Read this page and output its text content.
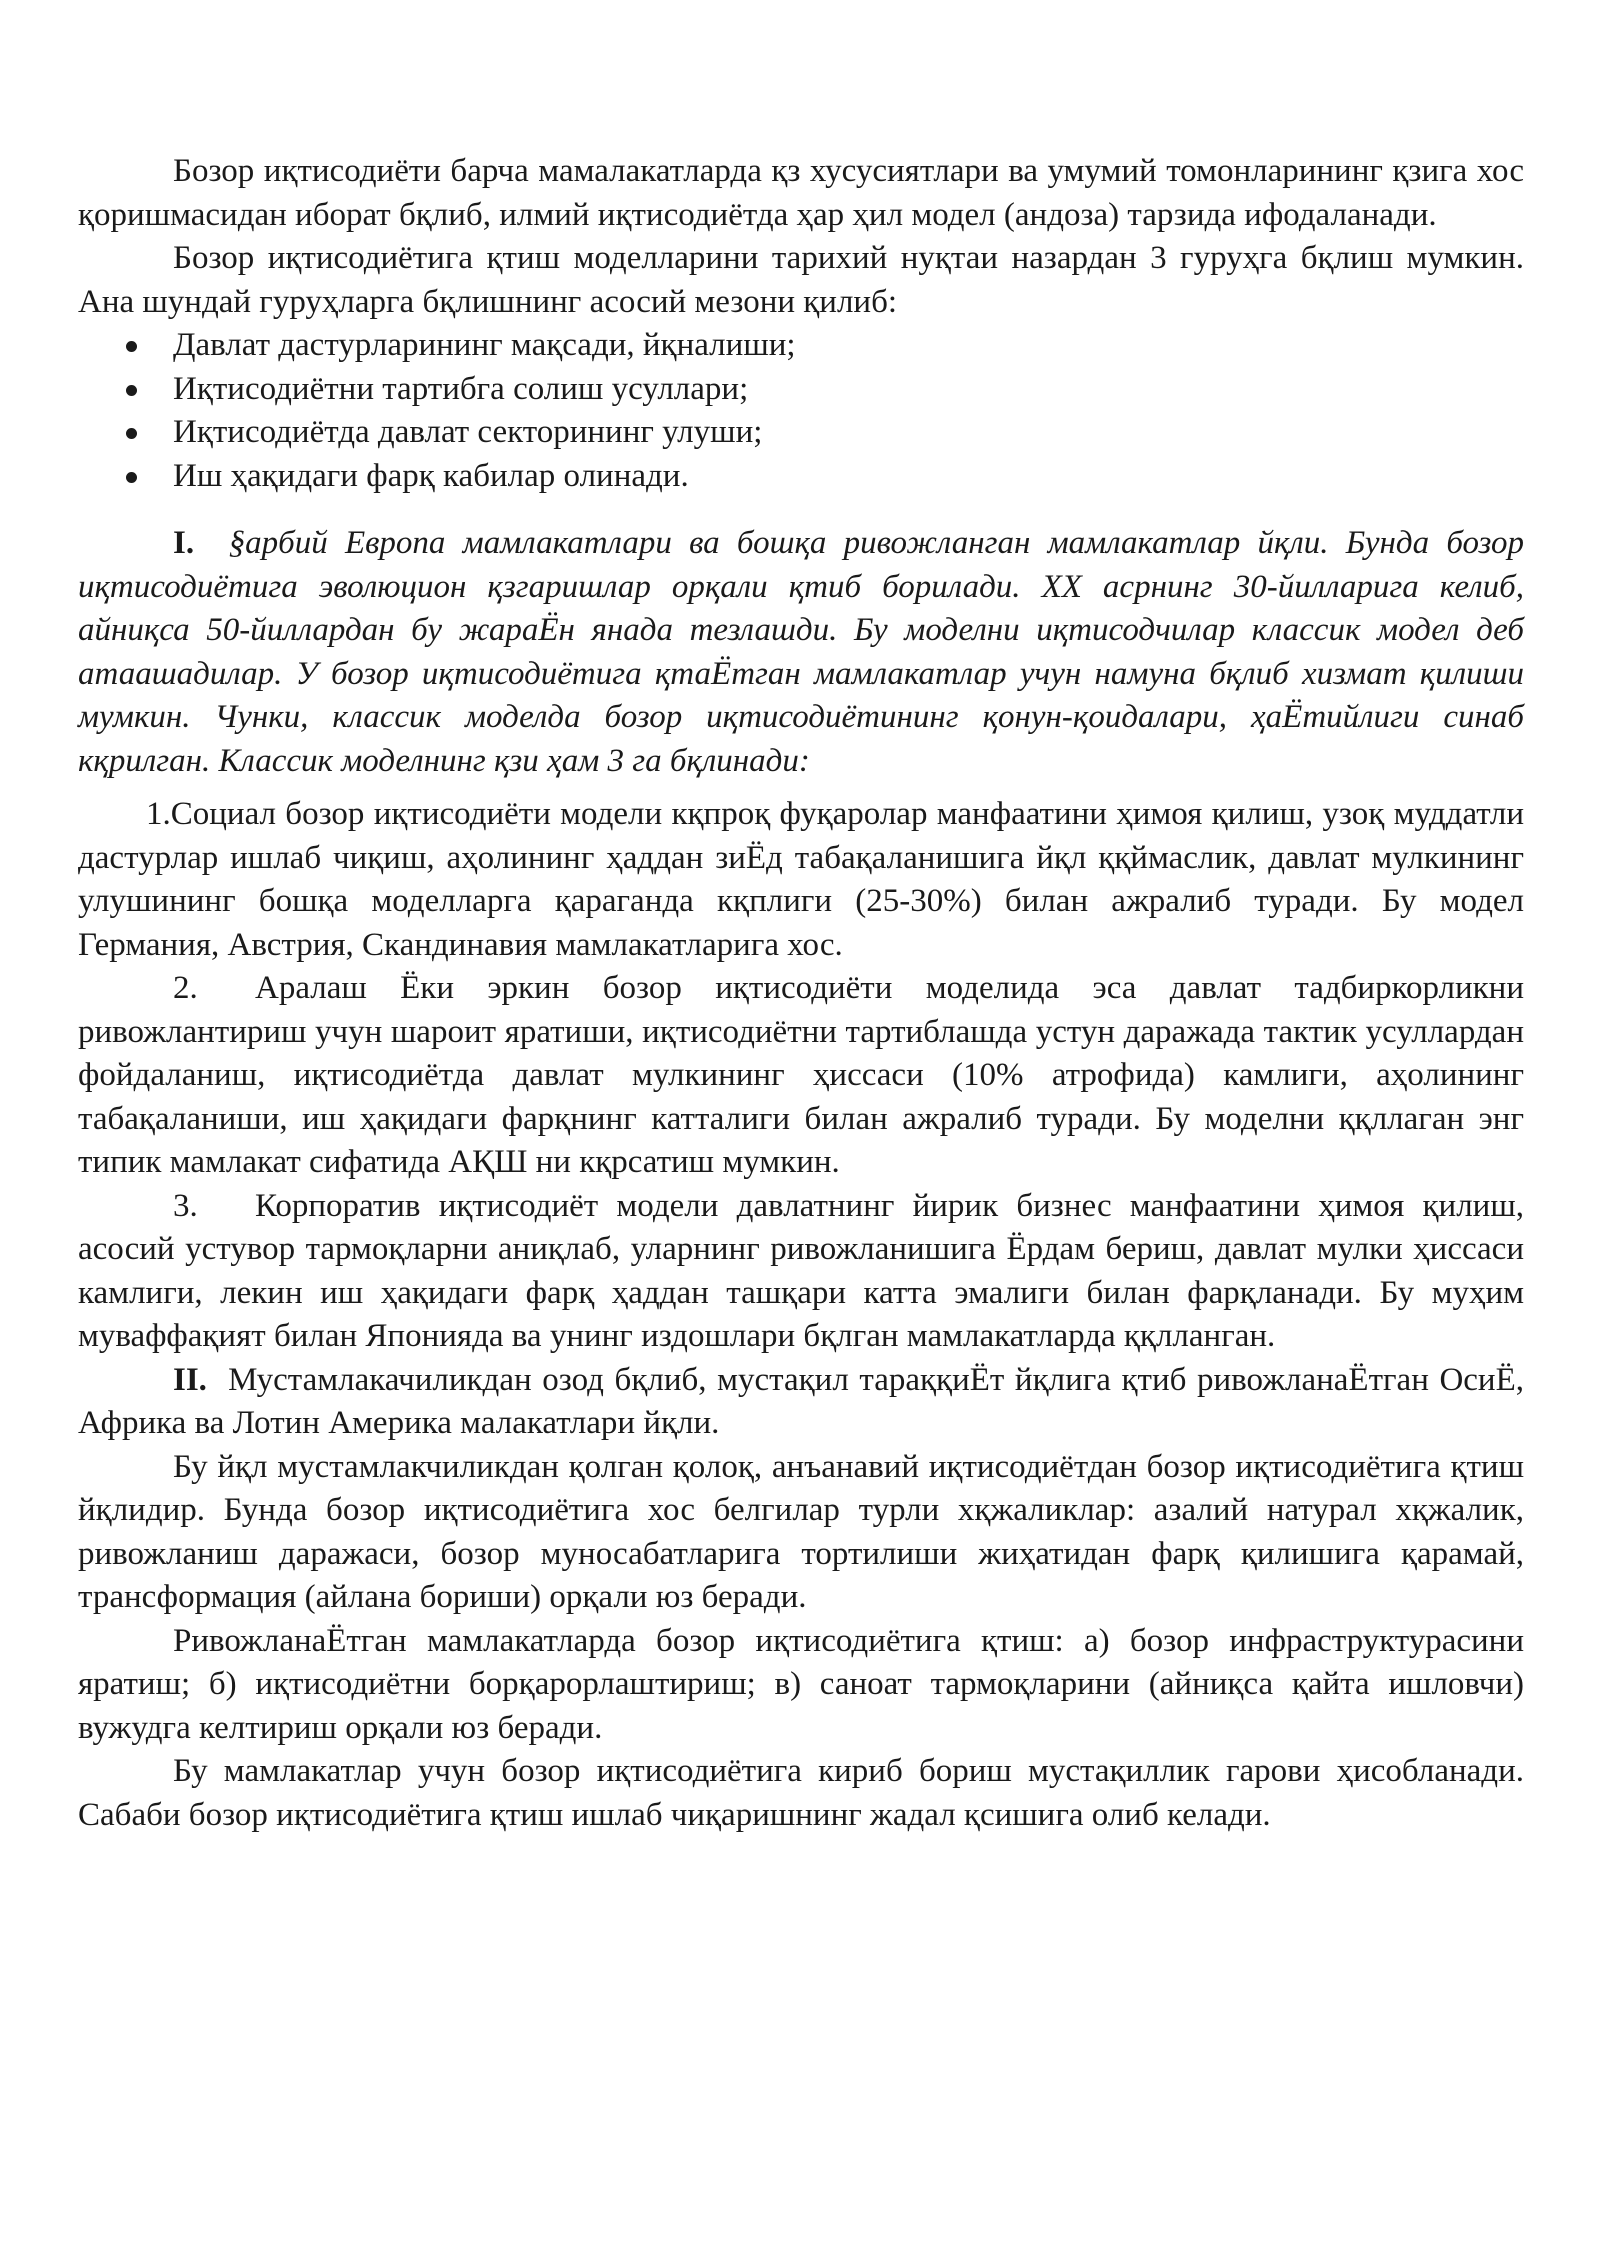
Бозор иқтисодиёти барча мамалакатларда қз хусусиятлари ва умумий томонларининг қзига хос қоришмасидан иборат бқлиб, илмий иқтисодиётда ҳар ҳил модел (андоза) тарзида ифодаланади.

Бозор иқтисодиётига қтиш моделларини тарихий нуқтаи назардан 3 гуруҳга бқлиш мумкин. Ана шундай гуруҳларга бқлишнинг асосий мезони қилиб:

Давлат дастурларининг мақсади, йқналиши;
Иқтисодиётни тартибга солиш усуллари;
Иқтисодиётда давлат секторининг улуши;
Иш ҳақидаги фарқ кабилар олинади.

I. §арбий Европа мамлакатлари ва бошқа ривожланган мамлакатлар йқли. Бунда бозор иқтисодиётига эволюцион қзгаришлар орқали қтиб борилади. ХХ асрнинг 30-йилларига келиб, айниқса 50-йиллардан бу жараЁн янада тезлашди. Бу моделни иқтисодчилар классик модел деб атаашадилар. У бозор иқтисодиётига қтаЁтган мамлакатлар учун намуна бқлиб хизмат қилиши мумкин. Чунки, классик моделда бозор иқтисодиётининг қонун-қоидалари, ҳаЁтийлиги синаб кқрилган. Классик моделнинг қзи ҳам 3 га бқлинади:

1.Социал бозор иқтисодиёти модели кқпроқ фуқаролар манфаатини ҳимоя қилиш, узоқ муддатли дастурлар ишлаб чиқиш, аҳолининг ҳаддан зиЁд табақаланишига йқл ққймаслик, давлат мулкининг улушининг бошқа моделларга қараганда кқплиги (25-30%) билан ажралиб туради. Бу модел Германия, Австрия, Скандинавия мамлакатларига хос.

2. Аралаш Ёки эркин бозор иқтисодиёти моделида эса давлат тадбиркорликни ривожлантириш учун шароит яратиши, иқтисодиётни тартиблашда устун даражада тактик усуллардан фойдаланиш, иқтисодиётда давлат мулкининг ҳиссаси (10% атрофида) камлиги, аҳолининг табақаланиши, иш ҳақидаги фарқнинг катталиги билан ажралиб туради. Бу моделни ққллаган энг типик мамлакат сифатида АҚШ ни кқрсатиш мумкин.

3. Корпоратив иқтисодиёт модели давлатнинг йирик бизнес манфаатини ҳимоя қилиш, асосий устувор тармоқларни аниқлаб, уларнинг ривожланишига Ёрдам бериш, давлат мулки ҳиссаси камлиги, лекин иш ҳақидаги фарқ ҳаддан ташқари катта эмалиги билан фарқланади. Бу муҳим муваффақият билан Японияда ва унинг издошлари бқлган мамлакатларда ққлланган.

II. Мустамлакачиликдан озод бқлиб, мустақил тараққиЁт йқлига қтиб ривожланаЁтган ОсиЁ, Африка ва Лотин Америка малакатлари йқли.

Бу йқл мустамлакчиликдан қолган қолоқ, анъанавий иқтисодиётдан бозор иқтисодиётига қтиш йқлидир. Бунда бозор иқтисодиётига хос белгилар турли хқжаликлар: азалий натурал хқжалик, ривожланиш даражаси, бозор муносабатларига тортилиши жиҳатидан фарқ қилишига қарамай, трансформация (айлана бориши) орқали юз беради.

РивожланаЁтган мамлакатларда бозор иқтисодиётига қтиш: а) бозор инфраструктурасини яратиш; б) иқтисодиётни борқарорлаштириш; в) саноат тармоқларини (айниқса қайта ишловчи) вужудга келтириш орқали юз беради.

Бу мамлакатлар учун бозор иқтисодиётига кириб бориш мустақиллик гарови ҳисобланади. Сабаби бозор иқтисодиётига қтиш ишлаб чиқаришнинг жадал қсишига олиб келади.
